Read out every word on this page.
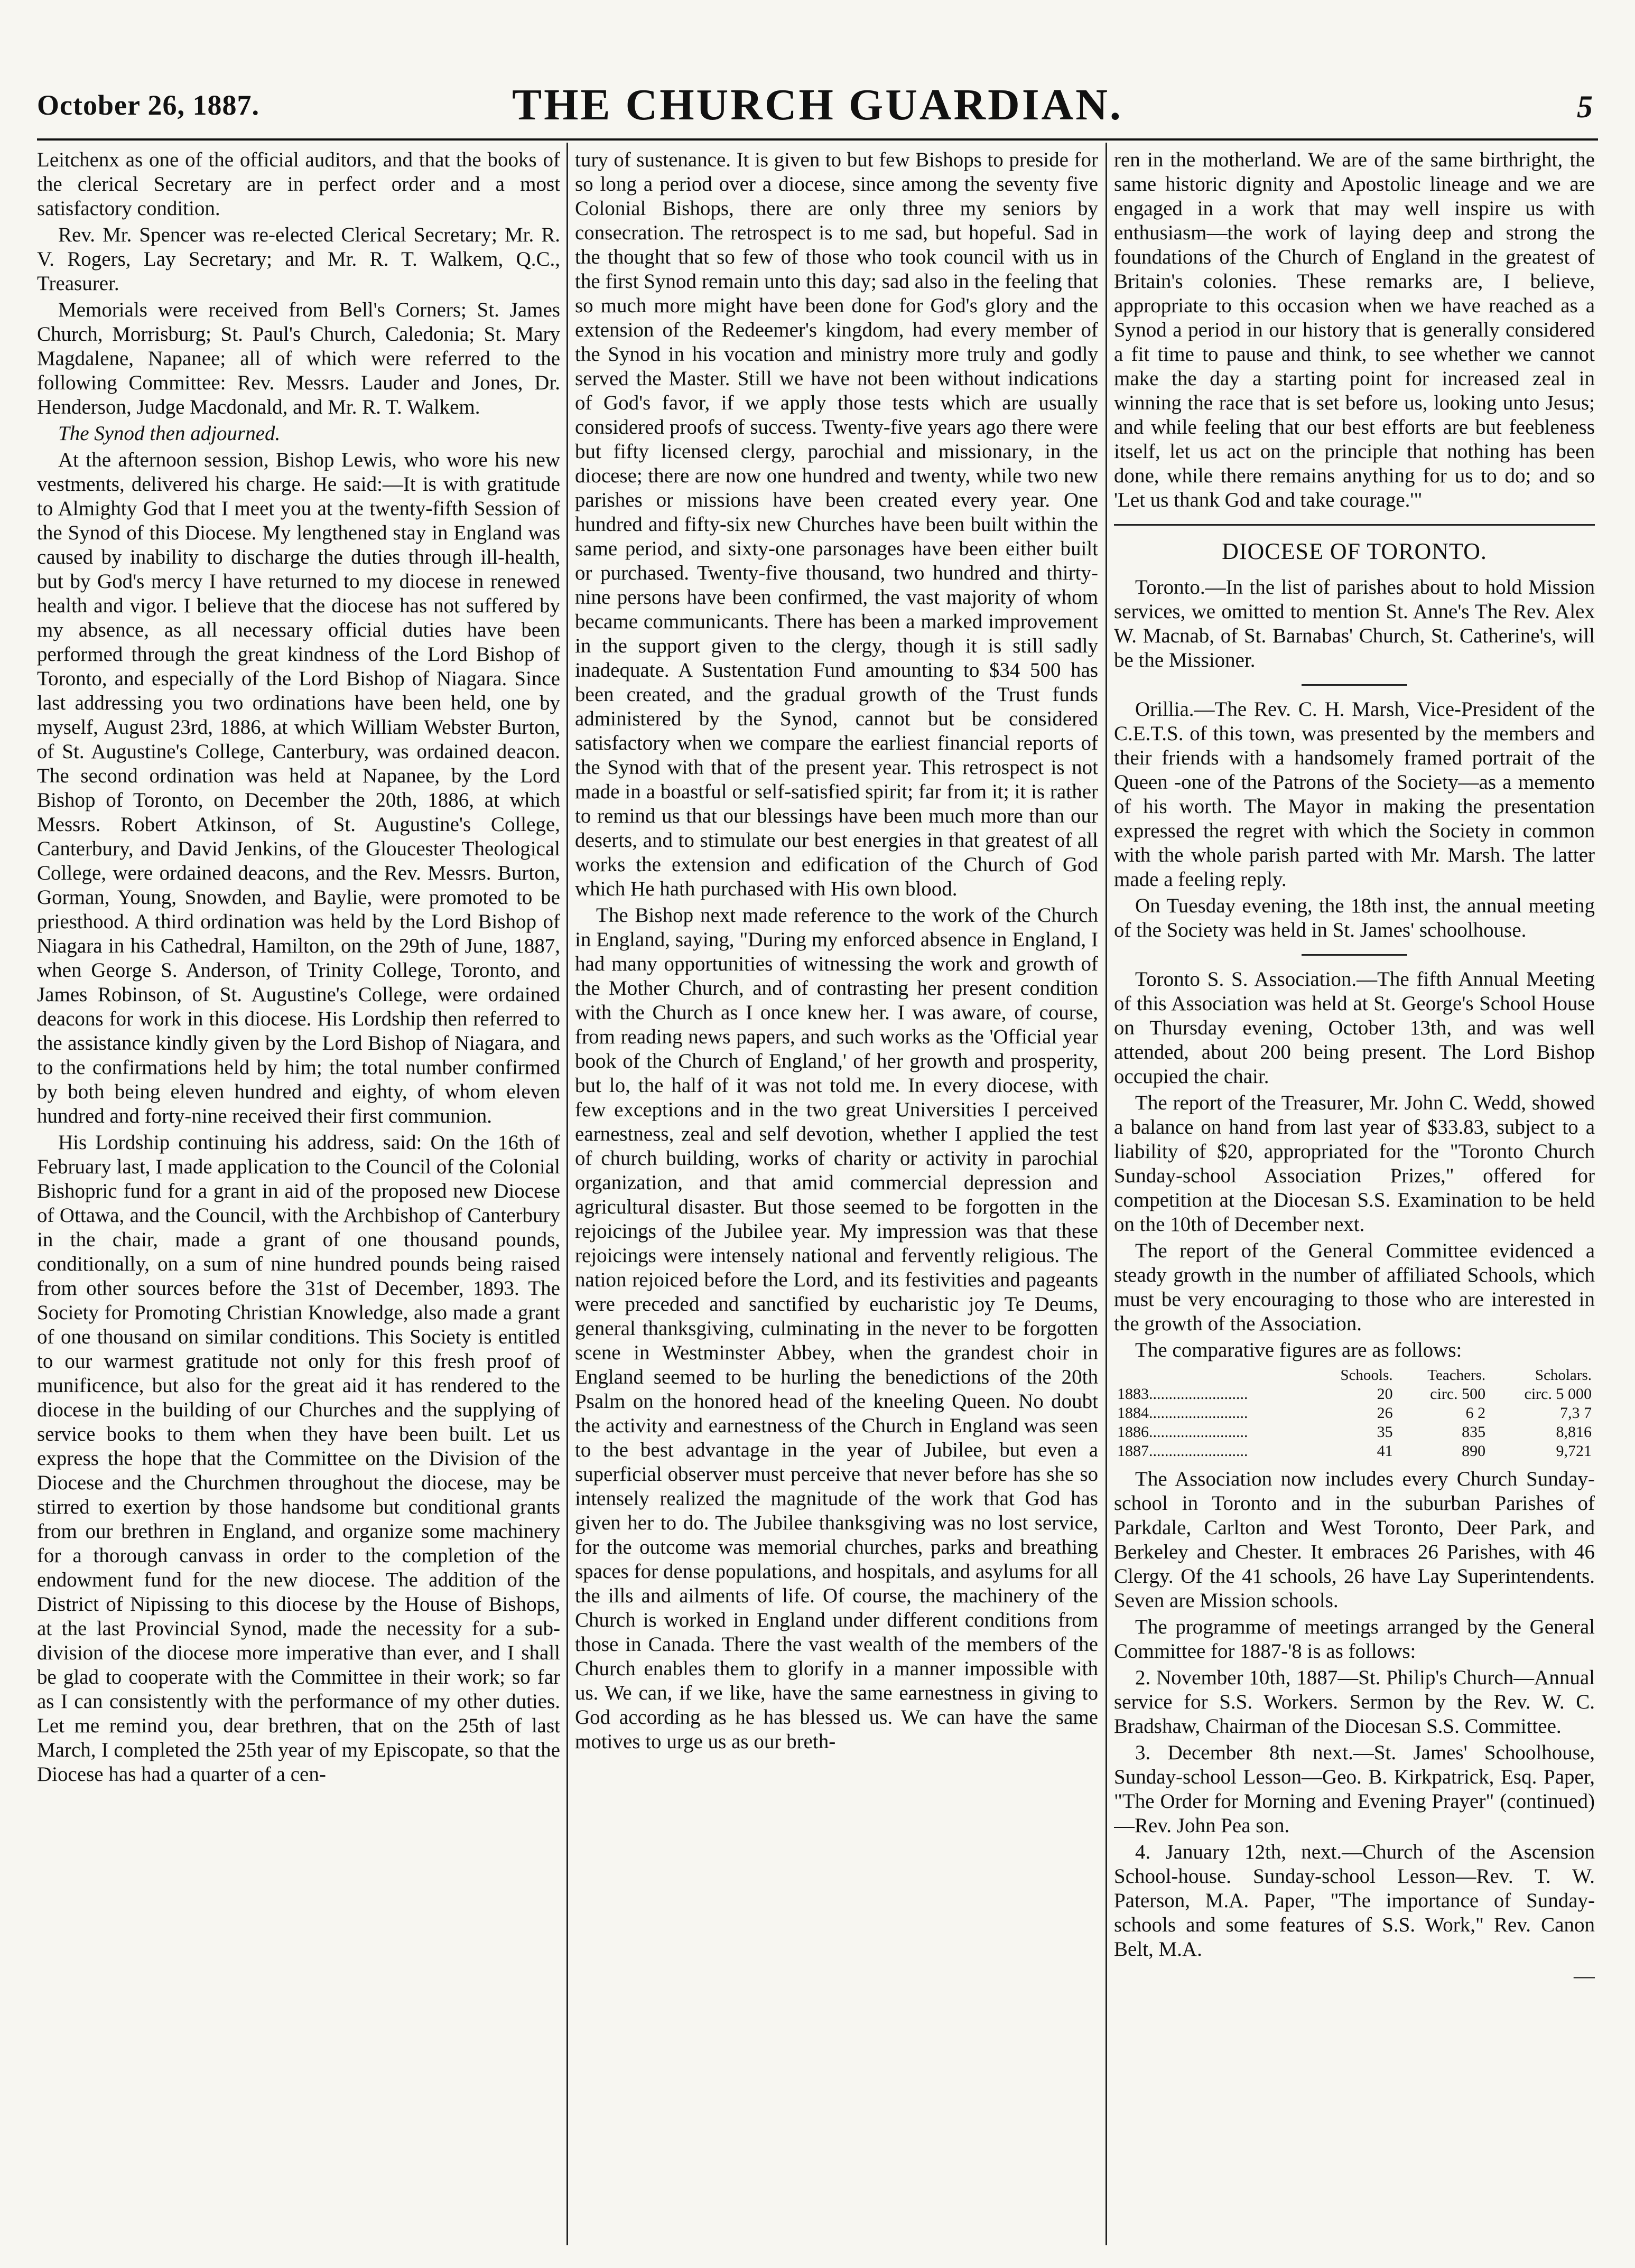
October 26, 1887.	THE CHURCH GUARDIAN.	5

Leitchenx as one of the official auditors, and that the books of the clerical Secretary are in perfect order and a most satisfactory condition.

Rev. Mr. Spencer was re-elected Clerical Secretary; Mr. R. V. Rogers, Lay Secretary; and Mr. R. T. Walkem, Q.C., Treasurer.

Memorials were received from Bell's Corners; St. James Church, Morrisburg; St. Paul's Church, Caledonia; St. Mary Magdalene, Napanee; all of which were referred to the following Committee: Rev. Messrs. Lauder and Jones, Dr. Henderson, Judge Macdonald, and Mr. R. T. Walkem.

The Synod then adjourned.

At the afternoon session, Bishop Lewis, who wore his new vestments, delivered his charge. He said:—It is with gratitude to Almighty God that I meet you at the twenty-fifth Session of the Synod of this Diocese. My lengthened stay in England was caused by inability to discharge the duties through ill-health, but by God's mercy I have returned to my diocese in renewed health and vigor. I believe that the diocese has not suffered by my absence, as all necessary official duties have been performed through the great kindness of the Lord Bishop of Toronto, and especially of the Lord Bishop of Niagara. Since last addressing you two ordinations have been held, one by myself, August 23rd, 1886, at which William Webster Burton, of St. Augustine's College, Canterbury, was ordained deacon. The second ordination was held at Napanee, by the Lord Bishop of Toronto, on December the 20th, 1886, at which Messrs. Robert Atkinson, of St. Augustine's College, Canterbury, and David Jenkins, of the Gloucester Theological College, were ordained deacons, and the Rev. Messrs. Burton, Gorman, Young, Snowden, and Baylie, were promoted to be priesthood. A third ordination was held by the Lord Bishop of Niagara in his Cathedral, Hamilton, on the 29th of June, 1887, when George S. Anderson, of Trinity College, Toronto, and James Robinson, of St. Augustine's College, were ordained deacons for work in this diocese. His Lordship then referred to the assistance kindly given by the Lord Bishop of Niagara, and to the confirmations held by him; the total number confirmed by both being eleven hundred and eighty, of whom eleven hundred and forty-nine received their first communion.

His Lordship continuing his address, said: On the 16th of February last, I made application to the Council of the Colonial Bishopric fund for a grant in aid of the proposed new Diocese of Ottawa, and the Council, with the Archbishop of Canterbury in the chair, made a grant of one thousand pounds, conditionally, on a sum of nine hundred pounds being raised from other sources before the 31st of December, 1893. The Society for Promoting Christian Knowledge, also made a grant of one thousand on similar conditions. This Society is entitled to our warmest gratitude not only for this fresh proof of munificence, but also for the great aid it has rendered to the diocese in the building of our Churches and the supplying of service books to them when they have been built. Let us express the hope that the Committee on the Division of the Diocese and the Churchmen throughout the diocese, may be stirred to exertion by those handsome but conditional grants from our brethren in England, and organize some machinery for a thorough canvass in order to the completion of the endowment fund for the new diocese. The addition of the District of Nipissing to this diocese by the House of Bishops, at the last Provincial Synod, made the necessity for a sub-division of the diocese more imperative than ever, and I shall be glad to cooperate with the Committee in their work; so far as I can consistently with the performance of my other duties. Let me remind you, dear brethren, that on the 25th of last March, I completed the 25th year of my Episcopate, so that the Diocese has had a quarter of a cen-

tury of sustenance. It is given to but few Bishops to preside for so long a period over a diocese, since among the seventy five Colonial Bishops, there are only three my seniors by consecration. The retrospect is to me sad, but hopeful. Sad in the thought that so few of those who took council with us in the first Synod remain unto this day; sad also in the feeling that so much more might have been done for God's glory and the extension of the Redeemer's kingdom, had every member of the Synod in his vocation and ministry more truly and godly served the Master. Still we have not been without indications of God's favor, if we apply those tests which are usually considered proofs of success. Twenty-five years ago there were but fifty licensed clergy, parochial and missionary, in the diocese; there are now one hundred and twenty, while two new parishes or missions have been created every year. One hundred and fifty-six new Churches have been built within the same period, and sixty-one parsonages have been either built or purchased. Twenty-five thousand, two hundred and thirty-nine persons have been confirmed, the vast majority of whom became communicants. There has been a marked improvement in the support given to the clergy, though it is still sadly inadequate. A Sustentation Fund amounting to $34 500 has been created, and the gradual growth of the Trust funds administered by the Synod, cannot but be considered satisfactory when we compare the earliest financial reports of the Synod with that of the present year. This retrospect is not made in a boastful or self-satisfied spirit; far from it; it is rather to remind us that our blessings have been much more than our deserts, and to stimulate our best energies in that greatest of all works the extension and edification of the Church of God which He hath purchased with His own blood.

The Bishop next made reference to the work of the Church in England, saying, "During my enforced absence in England, I had many opportunities of witnessing the work and growth of the Mother Church, and of contrasting her present condition with the Church as I once knew her. I was aware, of course, from reading news papers, and such works as the 'Official year book of the Church of England,' of her growth and prosperity, but lo, the half of it was not told me. In every diocese, with few exceptions and in the two great Universities I perceived earnestness, zeal and self devotion, whether I applied the test of church building, works of charity or activity in parochial organization, and that amid commercial depression and agricultural disaster. But those seemed to be forgotten in the rejoicings of the Jubilee year. My impression was that these rejoicings were intensely national and fervently religious. The nation rejoiced before the Lord, and its festivities and pageants were preceded and sanctified by eucharistic joy Te Deums, general thanksgiving, culminating in the never to be forgotten scene in Westminster Abbey, when the grandest choir in England seemed to be hurling the benedictions of the 20th Psalm on the honored head of the kneeling Queen. No doubt the activity and earnestness of the Church in England was seen to the best advantage in the year of Jubilee, but even a superficial observer must perceive that never before has she so intensely realized the magnitude of the work that God has given her to do. The Jubilee thanksgiving was no lost service, for the outcome was memorial churches, parks and breathing spaces for dense populations, and hospitals, and asylums for all the ills and ailments of life. Of course, the machinery of the Church is worked in England under different conditions from those in Canada. There the vast wealth of the members of the Church enables them to glorify in a manner impossible with us. We can, if we like, have the same earnestness in giving to God according as he has blessed us. We can have the same motives to urge us as our breth-

ren in the motherland. We are of the same birthright, the same historic dignity and Apostolic lineage and we are engaged in a work that may well inspire us with enthusiasm—the work of laying deep and strong the foundations of the Church of England in the greatest of Britain's colonies. These remarks are, I believe, appropriate to this occasion when we have reached as a Synod a period in our history that is generally considered a fit time to pause and think, to see whether we cannot make the day a starting point for increased zeal in winning the race that is set before us, looking unto Jesus; and while feeling that our best efforts are but feebleness itself, let us act on the principle that nothing has been done, while there remains anything for us to do; and so 'Let us thank God and take courage.'"

DIOCESE OF TORONTO.

Toronto.—In the list of parishes about to hold Mission services, we omitted to mention St. Anne's The Rev. Alex W. Macnab, of St. Barnabas' Church, St. Catherine's, will be the Missioner.

Orillia.—The Rev. C. H. Marsh, Vice-President of the C.E.T.S. of this town, was presented by the members and their friends with a handsomely framed portrait of the Queen -one of the Patrons of the Society—as a memento of his worth. The Mayor in making the presentation expressed the regret with which the Society in common with the whole parish parted with Mr. Marsh. The latter made a feeling reply.

On Tuesday evening, the 18th inst, the annual meeting of the Society was held in St. James' schoolhouse.

Toronto S. S. Association.—The fifth Annual Meeting of this Association was held at St. George's School House on Thursday evening, October 13th, and was well attended, about 200 being present. The Lord Bishop occupied the chair.

The report of the Treasurer, Mr. John C. Wedd, showed a balance on hand from last year of $33.83, subject to a liability of $20, appropriated for the "Toronto Church Sunday-school Association Prizes," offered for competition at the Diocesan S.S. Examination to be held on the 10th of December next.

The report of the General Committee evidenced a steady growth in the number of affiliated Schools, which must be very encouraging to those who are interested in the growth of the Association.

The comparative figures are as follows:

	Schools.	Teachers.	Scholars.
1883.........................	20	circ. 500	circ. 5 000
1884.........................	26	6 2	7,3 7
1886.........................	35	835	8,816
1887.........................	41	890	9,721

The Association now includes every Church Sunday-school in Toronto and in the suburban Parishes of Parkdale, Carlton and West Toronto, Deer Park, and Berkeley and Chester. It embraces 26 Parishes, with 46 Clergy. Of the 41 schools, 26 have Lay Superintendents. Seven are Mission schools.

The programme of meetings arranged by the General Committee for 1887-'8 is as follows:

2. November 10th, 1887—St. Philip's Church—Annual service for S.S. Workers. Sermon by the Rev. W. C. Bradshaw, Chairman of the Diocesan S.S. Committee.

3. December 8th next.—St. James' Schoolhouse, Sunday-school Lesson—Geo. B. Kirkpatrick, Esq. Paper, "The Order for Morning and Evening Prayer" (continued)—Rev. John Pea son.

4. January 12th, next.—Church of the Ascension School-house. Sunday-school Lesson—Rev. T. W. Paterson, M.A. Paper, "The importance of Sunday-schools and some features of S.S. Work," Rev. Canon Belt, M.A.

—
